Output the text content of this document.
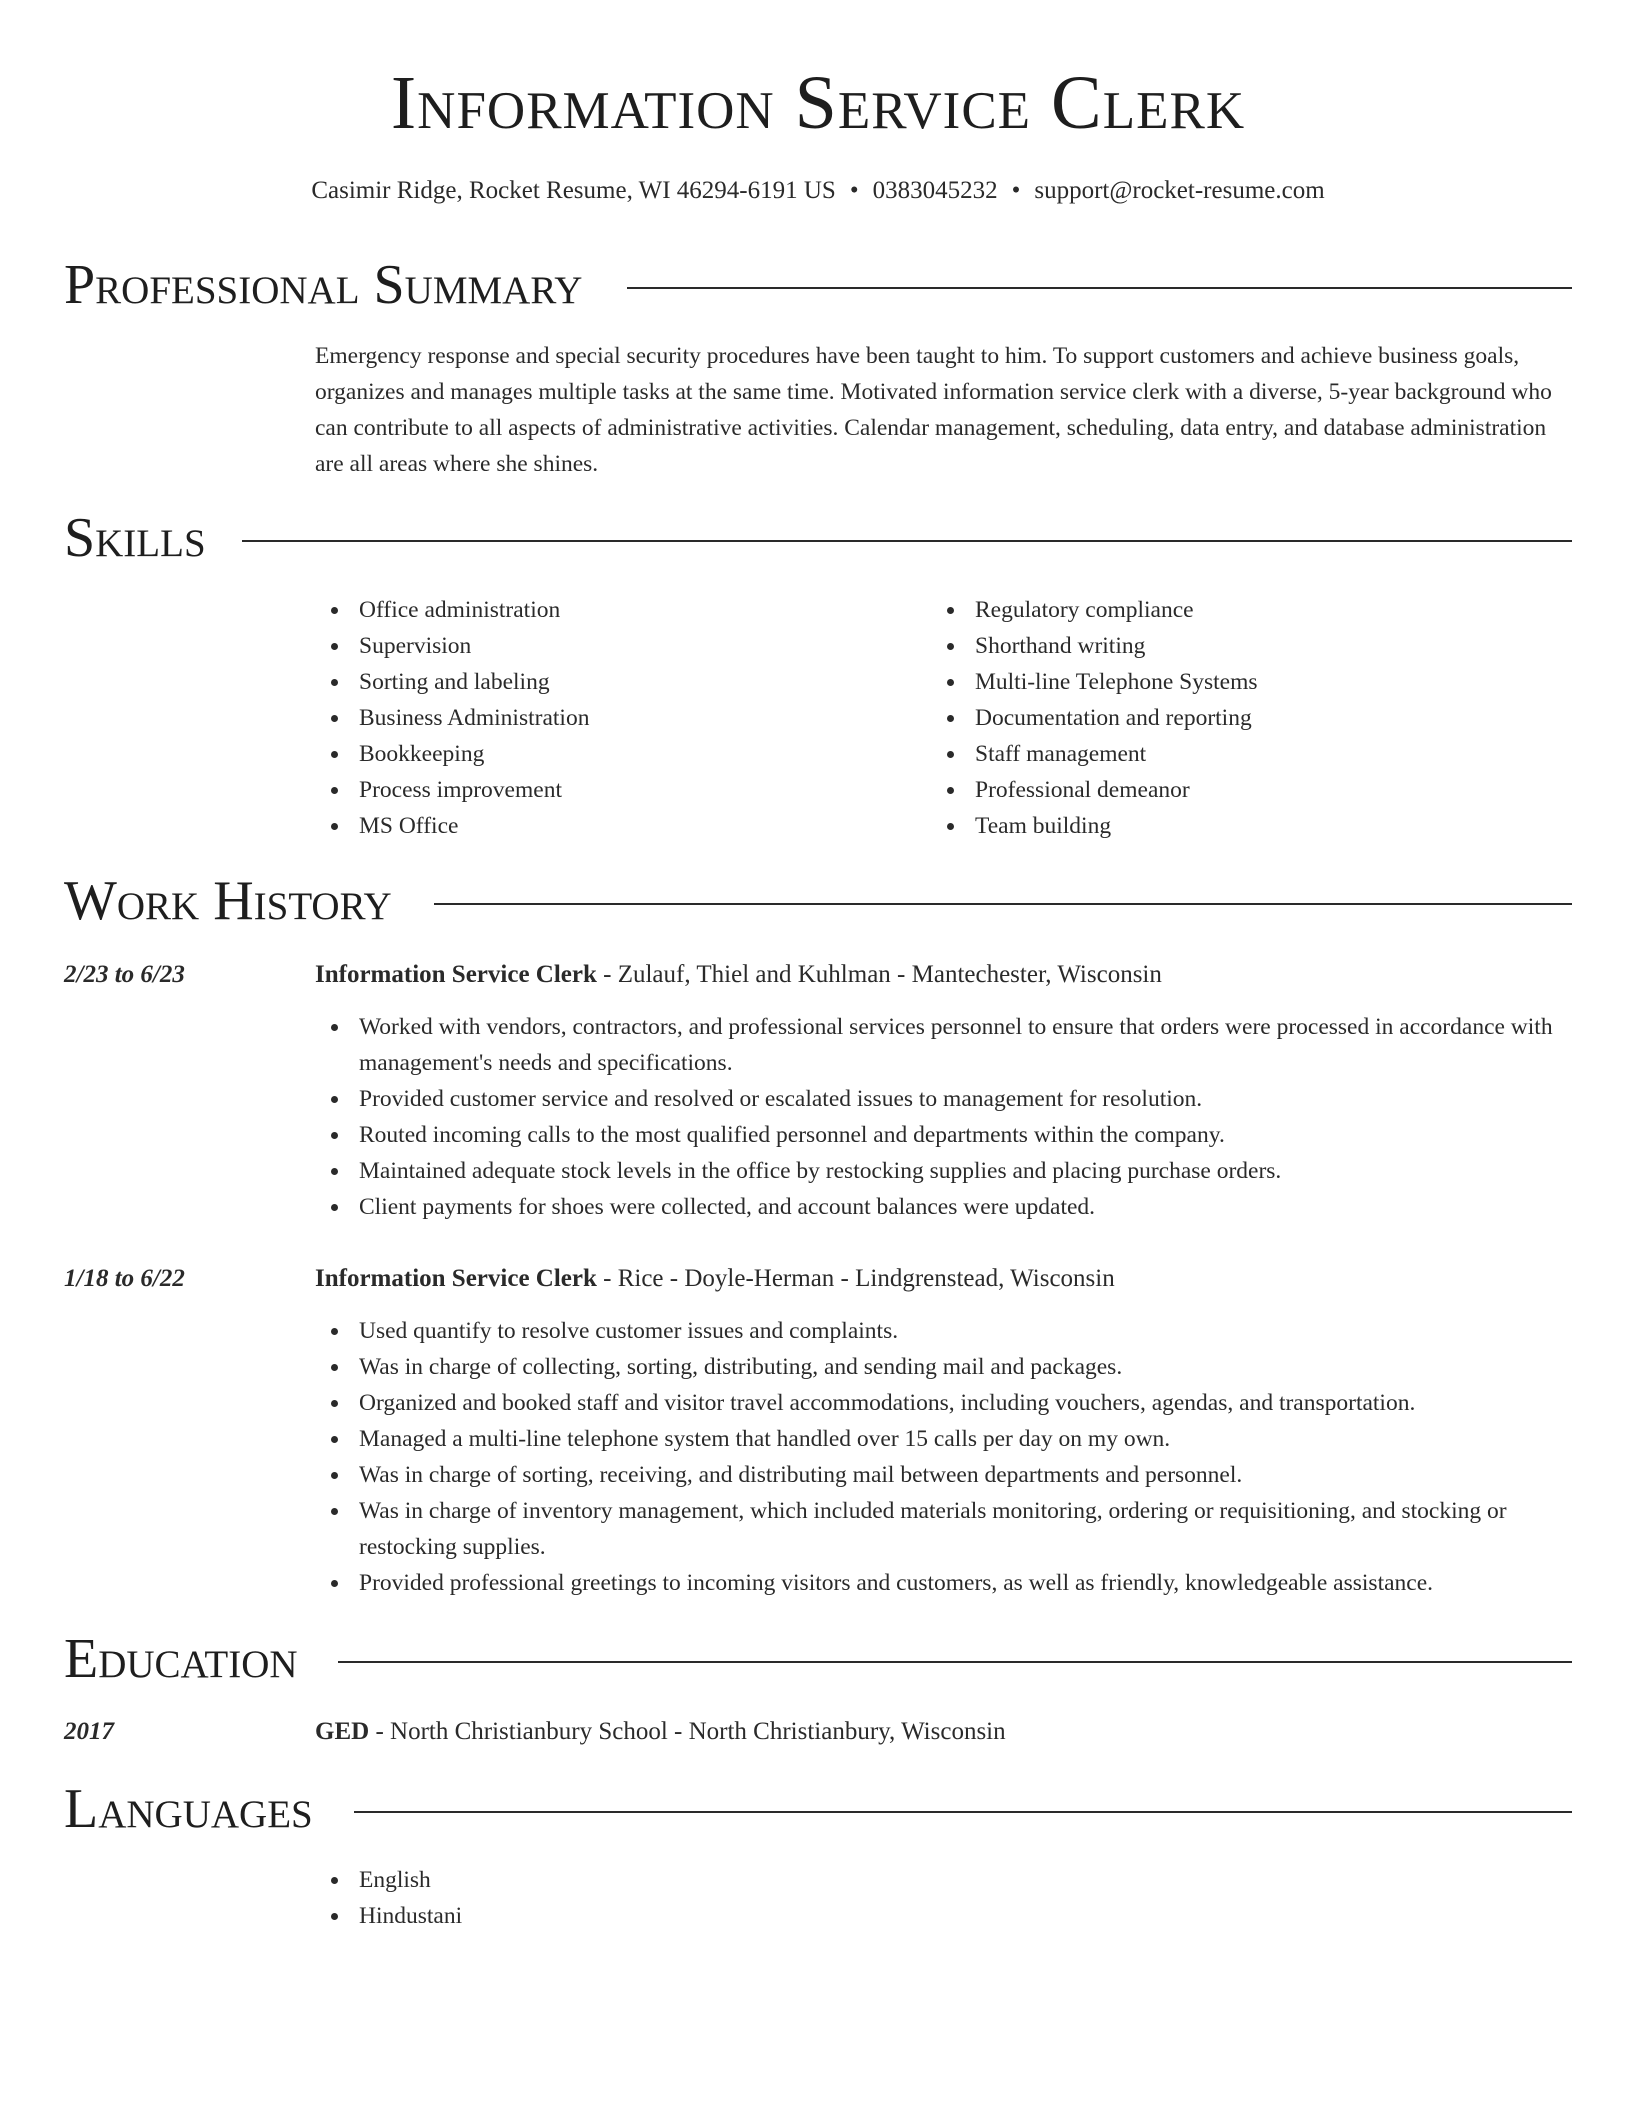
Information Service Clerk
Casimir Ridge, Rocket Resume, WI 46294-6191 US • 0383045232 • support@rocket-resume.com
Professional Summary
Emergency response and special security procedures have been taught to him. To support customers and achieve business goals, organizes and manages multiple tasks at the same time. Motivated information service clerk with a diverse, 5-year background who can contribute to all aspects of administrative activities. Calendar management, scheduling, data entry, and database administration are all areas where she shines.
Skills
Office administration
Supervision
Sorting and labeling
Business Administration
Bookkeeping
Process improvement
MS Office
Regulatory compliance
Shorthand writing
Multi-line Telephone Systems
Documentation and reporting
Staff management
Professional demeanor
Team building
Work History
2/23 to 6/23	Information Service Clerk - Zulauf, Thiel and Kuhlman - Mantechester, Wisconsin
Worked with vendors, contractors, and professional services personnel to ensure that orders were processed in accordance with management's needs and specifications.
Provided customer service and resolved or escalated issues to management for resolution.
Routed incoming calls to the most qualified personnel and departments within the company.
Maintained adequate stock levels in the office by restocking supplies and placing purchase orders.
Client payments for shoes were collected, and account balances were updated.
1/18 to 6/22	Information Service Clerk - Rice - Doyle-Herman - Lindgrenstead, Wisconsin
Used quantify to resolve customer issues and complaints.
Was in charge of collecting, sorting, distributing, and sending mail and packages.
Organized and booked staff and visitor travel accommodations, including vouchers, agendas, and transportation.
Managed a multi-line telephone system that handled over 15 calls per day on my own.
Was in charge of sorting, receiving, and distributing mail between departments and personnel.
Was in charge of inventory management, which included materials monitoring, ordering or requisitioning, and stocking or restocking supplies.
Provided professional greetings to incoming visitors and customers, as well as friendly, knowledgeable assistance.
Education
2017	GED - North Christianbury School - North Christianbury, Wisconsin
Languages
English
Hindustani
